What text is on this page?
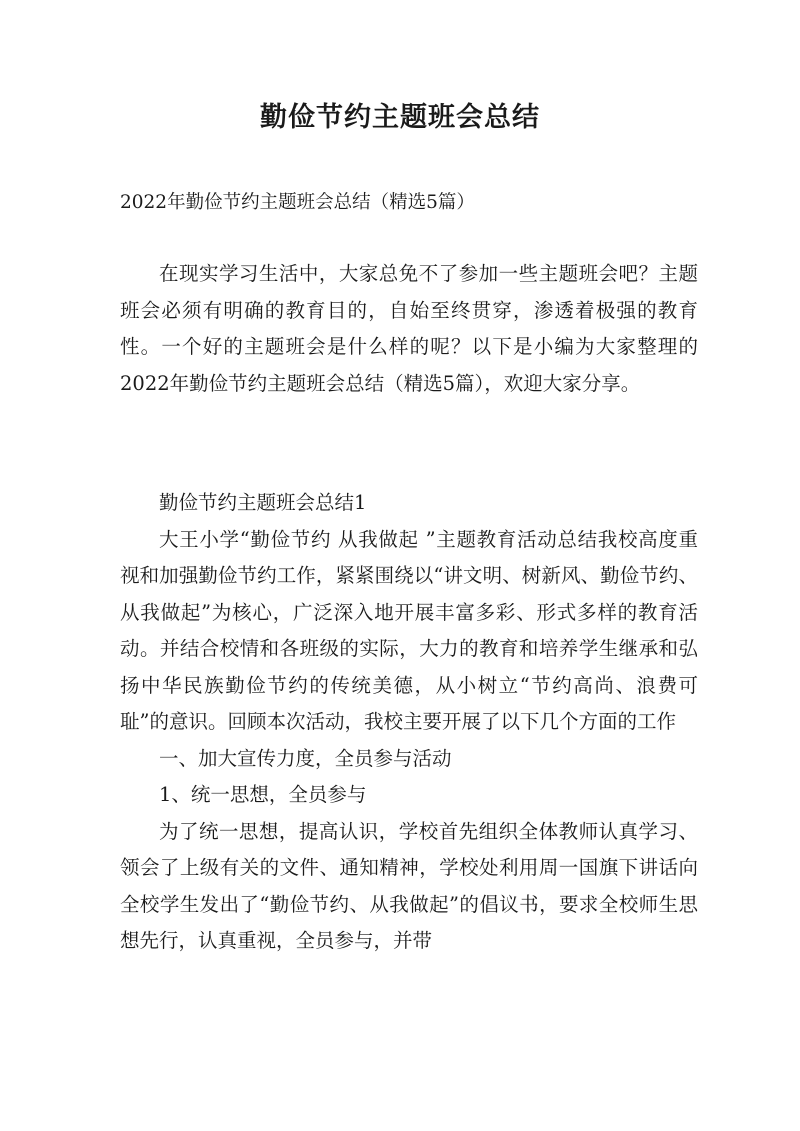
勤俭节约主题班会总结
2022年勤俭节约主题班会总结（精选5篇）
在现实学习生活中，大家总免不了参加一些主题班会吧？主题班会必须有明确的教育目的，自始至终贯穿，渗透着极强的教育性。一个好的主题班会是什么样的呢？以下是小编为大家整理的2022年勤俭节约主题班会总结（精选5篇），欢迎大家分享。

勤俭节约主题班会总结1

大王小学“勤俭节约 从我做起 ”主题教育活动总结我校高度重视和加强勤俭节约工作，紧紧围绕以“讲文明、树新风、勤俭节约、从我做起”为核心，广泛深入地开展丰富多彩、形式多样的教育活动。并结合校情和各班级的实际，大力的教育和培养学生继承和弘扬中华民族勤俭节约的传统美德，从小树立“节约高尚、浪费可耻”的意识。回顾本次活动，我校主要开展了以下几个方面的工作

一、加大宣传力度，全员参与活动

1、统一思想，全员参与

为了统一思想，提高认识，学校首先组织全体教师认真学习、领会了上级有关的文件、通知精神，学校处利用周一国旗下讲话向全校学生发出了“勤俭节约、从我做起”的倡议书，要求全校师生思想先行，认真重视，全员参与，并带
